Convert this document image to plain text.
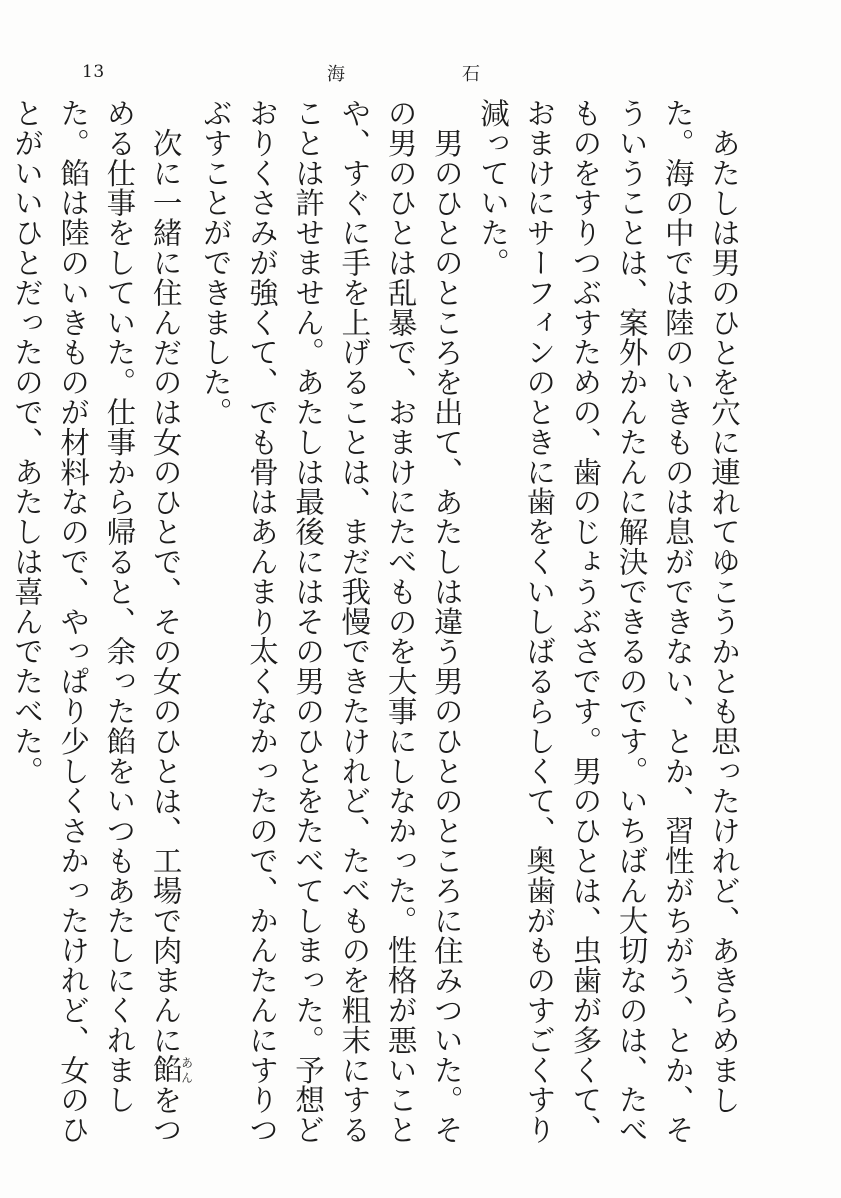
13	海	石

あたしは男のひとを穴に連れてゆこうかとも思ったけれど、あきらめました。海の中では陸のいきものは息ができない、とか、習性がちがう、とか、そういうことは、案外かんたんに解決できるのです。いちばん大切なのは、たべものをすりつぶすための、歯のじょうぶさです。男のひとは、虫歯が多くて、おまけにサーフィンのときに歯をくいしばるらしくて、奥歯がものすごくすり減っていた。

男のひとのところを出て、あたしは違う男のひとのところに住みついた。その男のひとは乱暴で、おまけにたべものを大事にしなかった。性格が悪いことや、すぐに手を上げることは、まだ我慢できたけれど、たべものを粗末にすることは許せません。あたしは最後にはその男のひとをたべてしまった。予想どおりくさみが強くて、でも骨はあんまり太くなかったので、かんたんにすりつぶすことができました。

次に一緒に住んだのは女のひとで、その女のひとは、工場で肉まんに餡あんをつめる仕事をしていた。仕事から帰ると、余った餡をいつもあたしにくれました。餡は陸のいきものが材料なので、やっぱり少しくさかったけれど、女のひとがいいひとだったので、あたしは喜んでたべた。
